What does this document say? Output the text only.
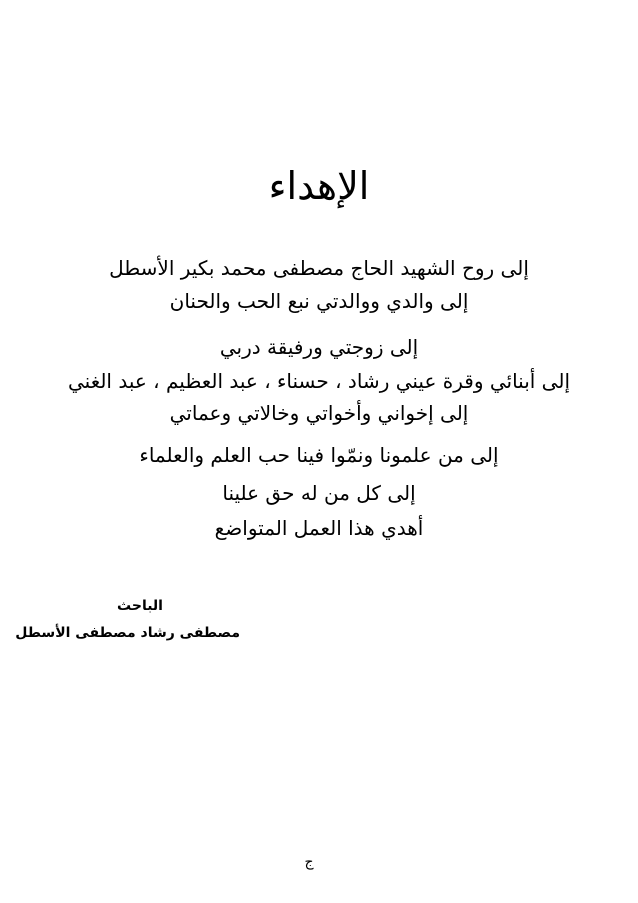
الإهداء
إلى روح الشهيد الحاج مصطفى محمد بكير الأسطل
إلى والدي ووالدتي نبع الحب والحنان
إلى زوجتي ورفيقة دربي
إلى أبنائي وقرة عيني رشاد ، حسناء ، عبد العظيم ، عبد الغني
إلى إخواني وأخواتي وخالاتي وعماتي
إلى من علمونا ونمّوا فينا حب العلم والعلماء
إلى كل من له حق علينا
أهدي هذا العمل المتواضع
الباحث
مصطفى رشاد مصطفى الأسطل
ج
